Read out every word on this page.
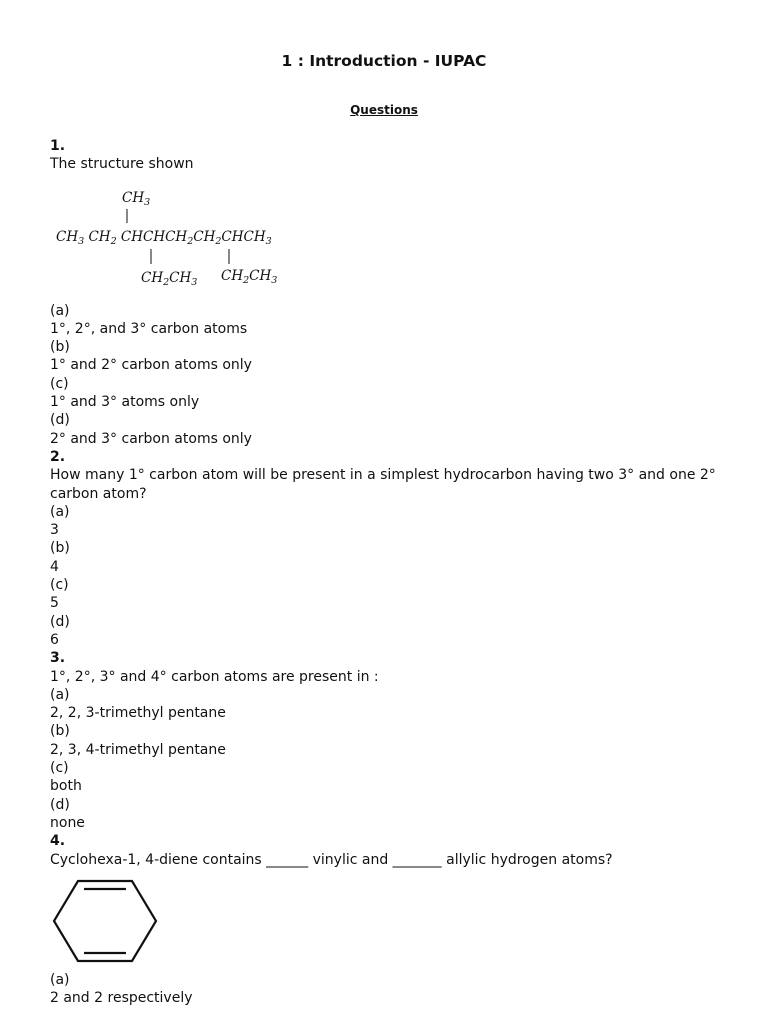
1 : Introduction - IUPAC
Questions
1.
The structure shown
$CH_3$
$CH_3$ $CH_2$ $CHCHCH_2CH_2CHCH_3$
$CH_2CH_3$ $CH_2CH_3$
(a)
1°, 2°, and 3° carbon atoms
(b)
1° and 2° carbon atoms only
(c)
1° and 3° atoms only
(d)
2° and 3° carbon atoms only
2.
How many 1° carbon atom will be present in a simplest hydrocarbon having two 3° and one 2° carbon atom?
(a)
3
(b)
4
(c)
5
(d)
6
3.
1°, 2°, 3° and 4° carbon atoms are present in :
(a)
2, 2, 3-trimethyl pentane
(b)
2, 3, 4-trimethyl pentane
(c)
both
(d)
none
4.
Cyclohexa-1, 4-diene contains ______ vinylic and _______ allylic hydrogen atoms?
(a)
2 and 2 respectively
